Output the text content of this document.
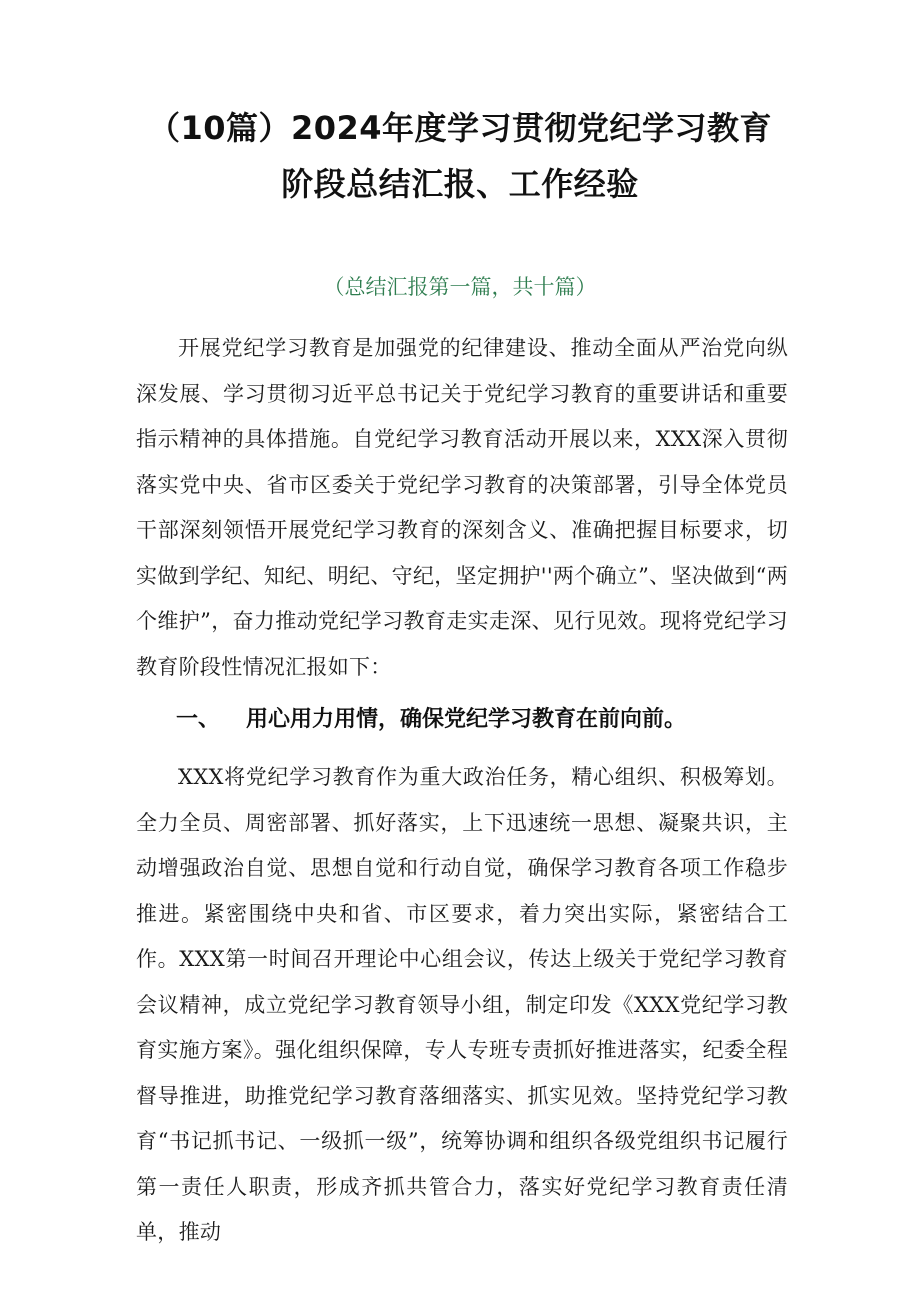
（10篇）2024年度学习贯彻党纪学习教育
阶段总结汇报、工作经验

（总结汇报第一篇，共十篇）

开展党纪学习教育是加强党的纪律建设、推动全面从严治党向纵深发展、学习贯彻习近平总书记关于党纪学习教育的重要讲话和重要指示精神的具体措施。自党纪学习教育活动开展以来，XXX深入贯彻落实党中央、省市区委关于党纪学习教育的决策部署，引导全体党员干部深刻领悟开展党纪学习教育的深刻含义、准确把握目标要求，切实做到学纪、知纪、明纪、守纪，坚定拥护''两个确立”、坚决做到“两个维护”，奋力推动党纪学习教育走实走深、见行见效。现将党纪学习教育阶段性情况汇报如下：

一、 用心用力用情，确保党纪学习教育在前向前。

XXX将党纪学习教育作为重大政治任务，精心组织、积极筹划。全力全员、周密部署、抓好落实，上下迅速统一思想、凝聚共识，主动增强政治自觉、思想自觉和行动自觉，确保学习教育各项工作稳步推进。紧密围绕中央和省、市区要求，着力突出实际，紧密结合工作。XXX第一时间召开理论中心组会议，传达上级关于党纪学习教育会议精神，成立党纪学习教育领导小组，制定印发《XXX党纪学习教育实施方案》。强化组织保障，专人专班专责抓好推进落实，纪委全程督导推进，助推党纪学习教育落细落实、抓实见效。坚持党纪学习教育“书记抓书记、一级抓一级”，统筹协调和组织各级党组织书记履行第一责任人职责，形成齐抓共管合力，落实好党纪学习教育责任清单，推动
